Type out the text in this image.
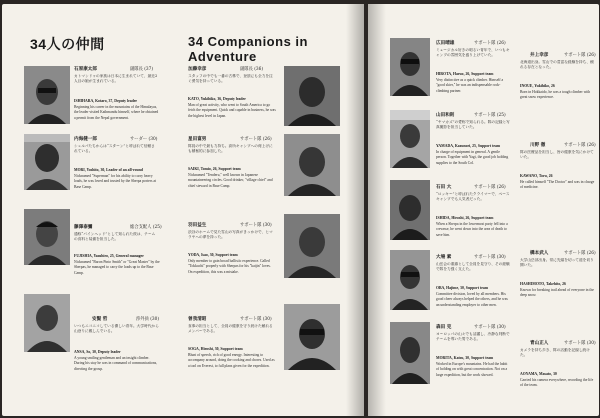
34人の仲間	34 Companions in Adventure
石原康太郎	副隊長 (37)
カトマンドゥの家族は日本に生まれていて、最近2人目の娘が生まれている。
ISHIHARA, Kotaro, 37, Deputy leader
Beginning his career in the mountains of the Himalayas, the leader visited Kathmandu himself, where he obtained a permit from the Nepal government.
内海健一郎	サーダー (30)
シェルパたちからは“スターン”と呼ばれて信頼されている。
MORI, Yoshito, 30, Leader of an all-round
Nicknamed "Superman" for his ability to carry heavy loads, he was loved and trusted by the Sherpa porters at Base Camp.
藤澤泰彌	総合支配人 (25)
通称“パインヘッド”として知られた彼は、チームの食料と装備を担当した。
FUJISHIA, Yasuhiro, 25, General manager
Nicknamed "Baron Pinto Smith" or "Great Master" by the Sherpas, he managed to carry the loads up to the Base Camp.
安賢 哲	渉外員 (30)
いつもニコニコしている優しい青年。大学時代から山登りに親しんでいる。
ANSA, So, 30, Deputy leader
A young smiling gentleman and an insight climber. During his stay he was in command of communications, directing the group.
加藤幸彦	副隊長 (36)
スタッフの中でも一番の古株で、登頂にも全力を注ぐ勇気を持っている。
KATO, Yukihiko, 36, Deputy leader
Man of great activity, who went to South America to go fetch the equipment. Quick and capable in business, he was the highest level in Japan.
星田富男	サポート隊 (26)
隊員の中で最も力持ち。高所キャンプへの荷上げにも積極的に参加した。
SAIKI, Tomio, 26, Support team
Nicknamed "Tenderu," well known in Japanese mountaineering circles. Good drinker, "village chief" and chief steward in Base Camp.
羽田益生	サポート隊 (30)
渋谷のホームで見た雪山の写真がきっかけで、ヒマラヤへの夢を持った。
YODA, Isao, 30, Support team
Only member to gain broad ballistic experience. Called "Tokkuchi" properly with Sherpas for his "kaijin" loves. On expedition, this was a mistake.
曽我清昭	サポート隊 (30)
食事の担当として、全員の健康を守り続けた頼れるメンバーである。
SOGA, Hiroshi, 30, Support team
Blunt of speech, rich of good energy. Interesting to accompany around, doing the cooking and chores. Used as a tool on Everest, to full plans given for the expedition.
広田晴雄	サポート隊 (26)
ミュージカル好きの明るい青年で、いつもキャンプの雰囲気を盛り上げていた。
HIROTA, Haruo, 26, Support team
Very distinctive as a quick climber. Himself a "good skier," he was an indispensable rock-climbing partner.
山田和則	サポート隊 (25)
“ヤマカズ”の愛称で知られる。隊の記録と写真撮影を担当していた。
YAMADA, Kazunori, 25, Support team
In charge of equipment in general. A gentle person. Together with Yagi, the good job holding supplies to the South Col.
石田 大	サポート隊 (26)
“ロッキー”と呼ばれたクライマーで、ベースキャンプでも人気者だった。
ISHIDA, Hiroshi, 26, Support team
When a Sherpa in the lowermost party fell into a crevasse, he went down into the area of death to save him.
大場 素	サポート隊 (30)
山岳会の重鎮として全員を見守り、その経験で隊を力強く支えた。
OBA, Hajime, 30, Support team
Committee division, loved by all members. His good cheer always helped the others, and he was an understanding employer to other men.
森田 克	サポート隊 (30)
ヨーロッパの山々でも活躍し、冷静な判断でチームを導いた男である。
MORITA, Katsu, 30, Support team
Worked in Europe's mountains. He had the habit of holding on with great concentration. Not on a large expedition, but the work showed.
井上幸彦	サポート隊 (26)
北海道出身。雪山での豊富な経験を持ち、頼れる存在となった。
INOUE, Yukihiko, 26
Born in Hokkaido, he was a tough climber with great snow experience.
川野 徹	サポート隊 (26)
隊の医療品を担当し、皆の健康を気にかけていた。
KAWANO, Toru, 26
He called himself "The Doctor" and was in charge of medicine.
橋本武人	サポート隊 (26)
大学山岳部出身。常に先頭を切って道を切り開いた。
HASHIMOTO, Takehito, 26
Known for breaking trail ahead of everyone in the deep snow.
青山正人	サポート隊 (30)
カメラを持ち歩き、隊の活動を記録し続けた。
AOYAMA, Masato, 30
Carried his camera everywhere, recording the life of the team.
